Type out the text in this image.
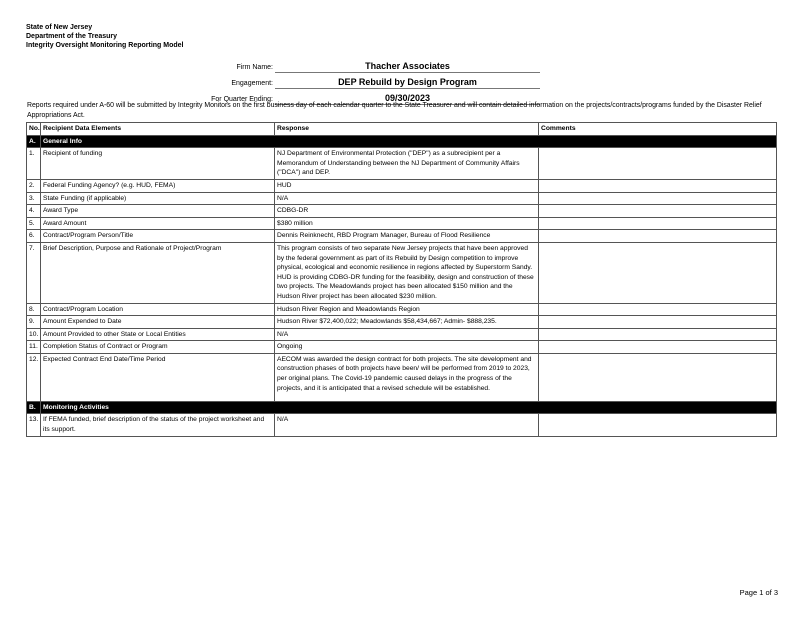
State of New Jersey
Department of the Treasury
Integrity Oversight Monitoring Reporting Model
Firm Name:	Thacher Associates
Engagement:	DEP Rebuild by Design Program
For Quarter Ending:	09/30/2023
Reports required under A-60 will be submitted by Integrity Monitors on the first business day of each calendar quarter to the State Treasurer and will contain detailed information on the projects/contracts/programs funded by the Disaster Relief Appropriations Act.
No.	Recipient Data Elements	Response	Comments
A.	General Info		
1.	Recipient of funding	NJ Department of Environmental Protection ("DEP") as a subrecipient per a Memorandum of Understanding between the NJ Department of Community Affairs ("DCA") and DEP.	
2.	Federal Funding Agency? (e.g. HUD, FEMA)	HUD	
3.	State Funding (if applicable)	N/A	
4.	Award Type	CDBG-DR	
5.	Award Amount	$380 million	
6.	Contract/Program Person/Title	Dennis Reinknecht, RBD Program Manager, Bureau of Flood Resilience	
7.	Brief Description, Purpose and Rationale of Project/Program	This program consists of two separate New Jersey projects that have been approved by the federal government as part of its Rebuild by Design competition to improve physical, ecological and economic resilience in regions affected by Superstorm Sandy. HUD is providing CDBG-DR funding for the feasibility, design and construction of these two projects. The Meadowlands project has been allocated $150 million and the Hudson River project has been allocated $230 million.	
8.	Contract/Program Location	Hudson River Region and Meadowlands Region	
9.	Amount Expended to Date	Hudson River $72,400,022; Meadowlands $58,434,667; Admin- $888,235.	
10.	Amount Provided to other State or Local Entities	N/A	
11.	Completion Status of Contract or Program	Ongoing	
12.	Expected Contract End Date/Time Period	AECOM was awarded the design contract for both projects. The site development and construction phases of both projects have been/ will be performed from 2019 to 2023, per original plans. The Covid-19 pandemic caused delays in the progress of the projects, and it is anticipated that a revised schedule will be established.	
B.	Monitoring Activities		
13.	If FEMA funded, brief description of the status of the project worksheet and its support.	N/A	
Page 1 of 3
